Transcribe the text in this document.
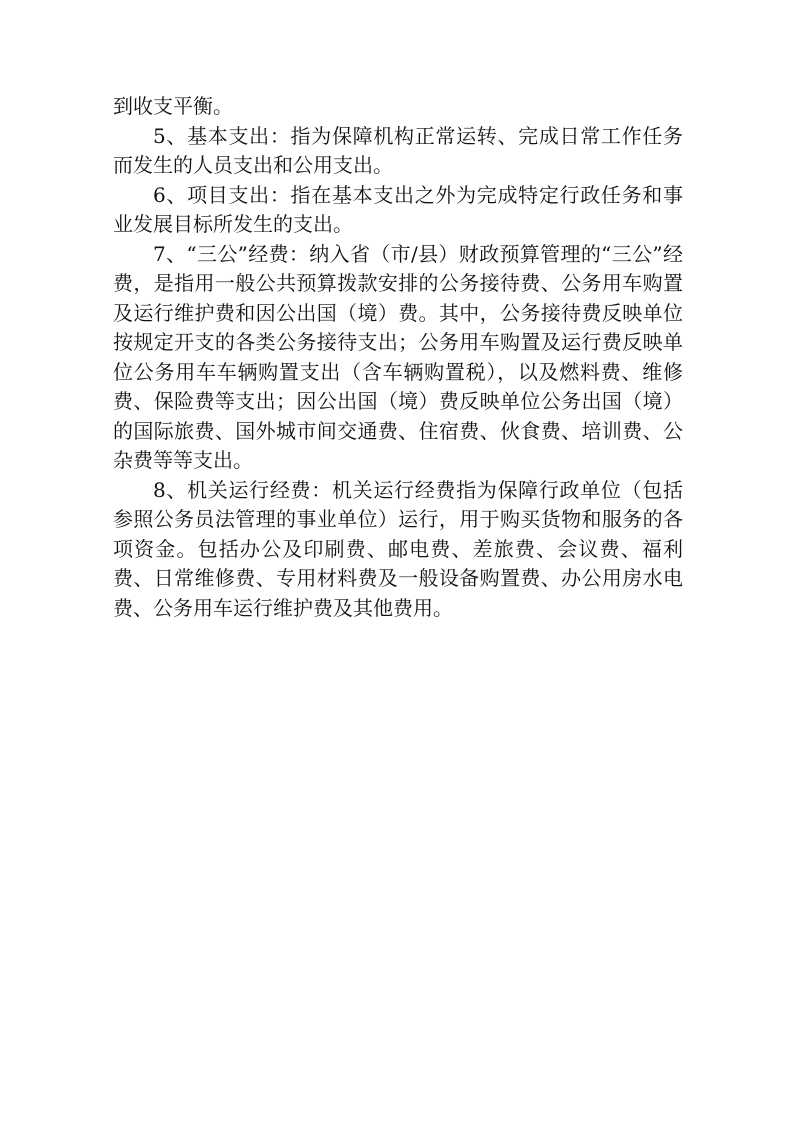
到收支平衡。

5、基本支出：指为保障机构正常运转、完成日常工作任务而发生的人员支出和公用支出。

6、项目支出：指在基本支出之外为完成特定行政任务和事业发展目标所发生的支出。

7、“三公”经费：纳入省（市/县）财政预算管理的“三公”经费，是指用一般公共预算拨款安排的公务接待费、公务用车购置及运行维护费和因公出国（境）费。其中，公务接待费反映单位按规定开支的各类公务接待支出；公务用车购置及运行费反映单位公务用车车辆购置支出（含车辆购置税），以及燃料费、维修费、保险费等支出；因公出国（境）费反映单位公务出国（境）的国际旅费、国外城市间交通费、住宿费、伙食费、培训费、公杂费等等支出。

8、机关运行经费：机关运行经费指为保障行政单位（包括参照公务员法管理的事业单位）运行，用于购买货物和服务的各项资金。包括办公及印刷费、邮电费、差旅费、会议费、福利费、日常维修费、专用材料费及一般设备购置费、办公用房水电费、公务用车运行维护费及其他费用。
